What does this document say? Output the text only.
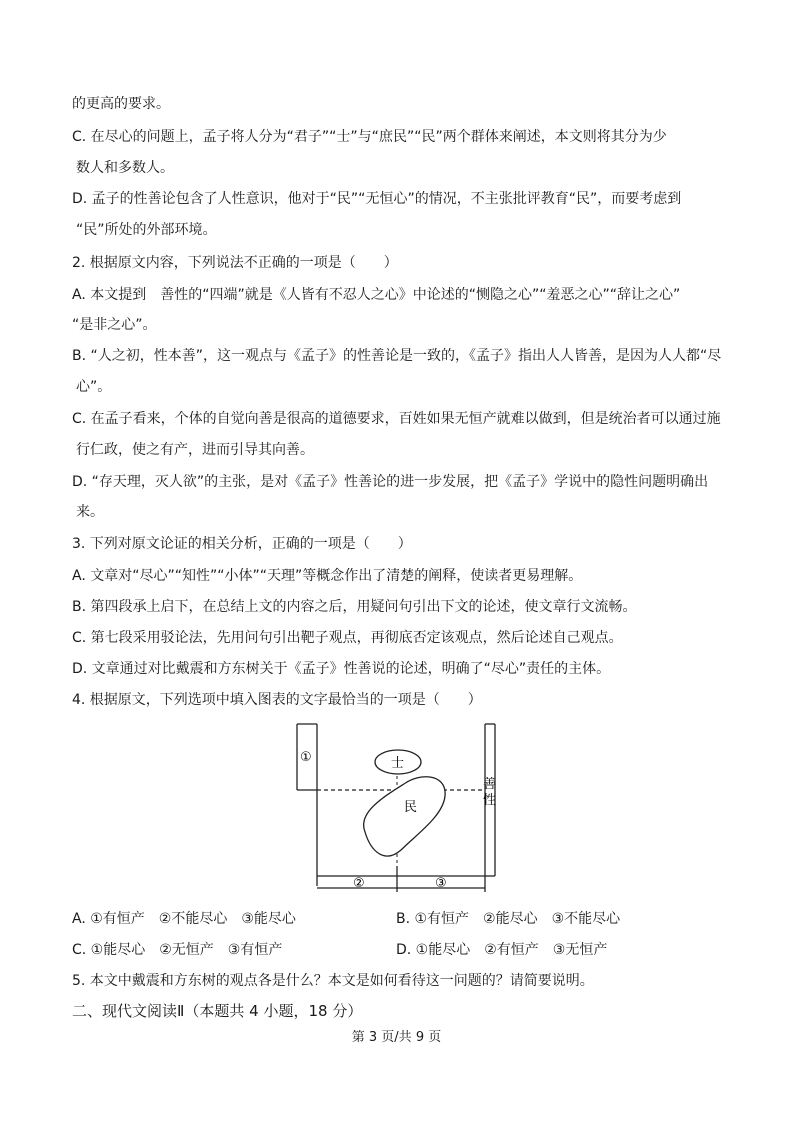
的更高的要求。
C. 在尽心的问题上，孟子将人分为“君子”“士”与“庶民”“民”两个群体来阐述，本文则将其分为少
数人和多数人。
D. 孟子的性善论包含了人性意识，他对于“民”“无恒心”的情况，不主张批评教育“民”，而要考虑到
“民”所处的外部环境。
2. 根据原文内容，下列说法不正确的一项是（　　）
A. 本文提到　善性的“四端”就是《人皆有不忍人之心》中论述的“恻隐之心”“羞恶之心”“辞让之心”
“是非之心”。
B. “人之初，性本善”，这一观点与《孟子》的性善论是一致的，《孟子》指出人人皆善，是因为人人都“尽
心”。
C. 在孟子看来，个体的自觉向善是很高的道德要求，百姓如果无恒产就难以做到，但是统治者可以通过施
行仁政，使之有产，进而引导其向善。
D. “存天理，灭人欲”的主张，是对《孟子》性善论的进一步发展，把《孟子》学说中的隐性问题明确出
来。
3. 下列对原文论证的相关分析，正确的一项是（　　）
A. 文章对“尽心”“知性”“小体”“天理”等概念作出了清楚的阐释，使读者更易理解。
B. 第四段承上启下，在总结上文的内容之后，用疑问句引出下文的论述，使文章行文流畅。
C. 第七段采用驳论法，先用问句引出靶子观点，再彻底否定该观点，然后论述自己观点。
D. 文章通过对比戴震和方东树关于《孟子》性善说的论述，明确了“尽心”责任的主体。
4. 根据原文，下列选项中填入图表的文字最恰当的一项是（　　）
①	士
民
善
性
②	③
A. ①有恒产　②不能尽心　③能尽心	B. ①有恒产　②能尽心　③不能尽心
C. ①能尽心　②无恒产　③有恒产	D. ①能尽心　②有恒产　③无恒产
5. 本文中戴震和方东树的观点各是什么？本文是如何看待这一问题的？请简要说明。
二、现代文阅读Ⅱ（本题共 4 小题，18 分）
第 3 页/共 9 页
